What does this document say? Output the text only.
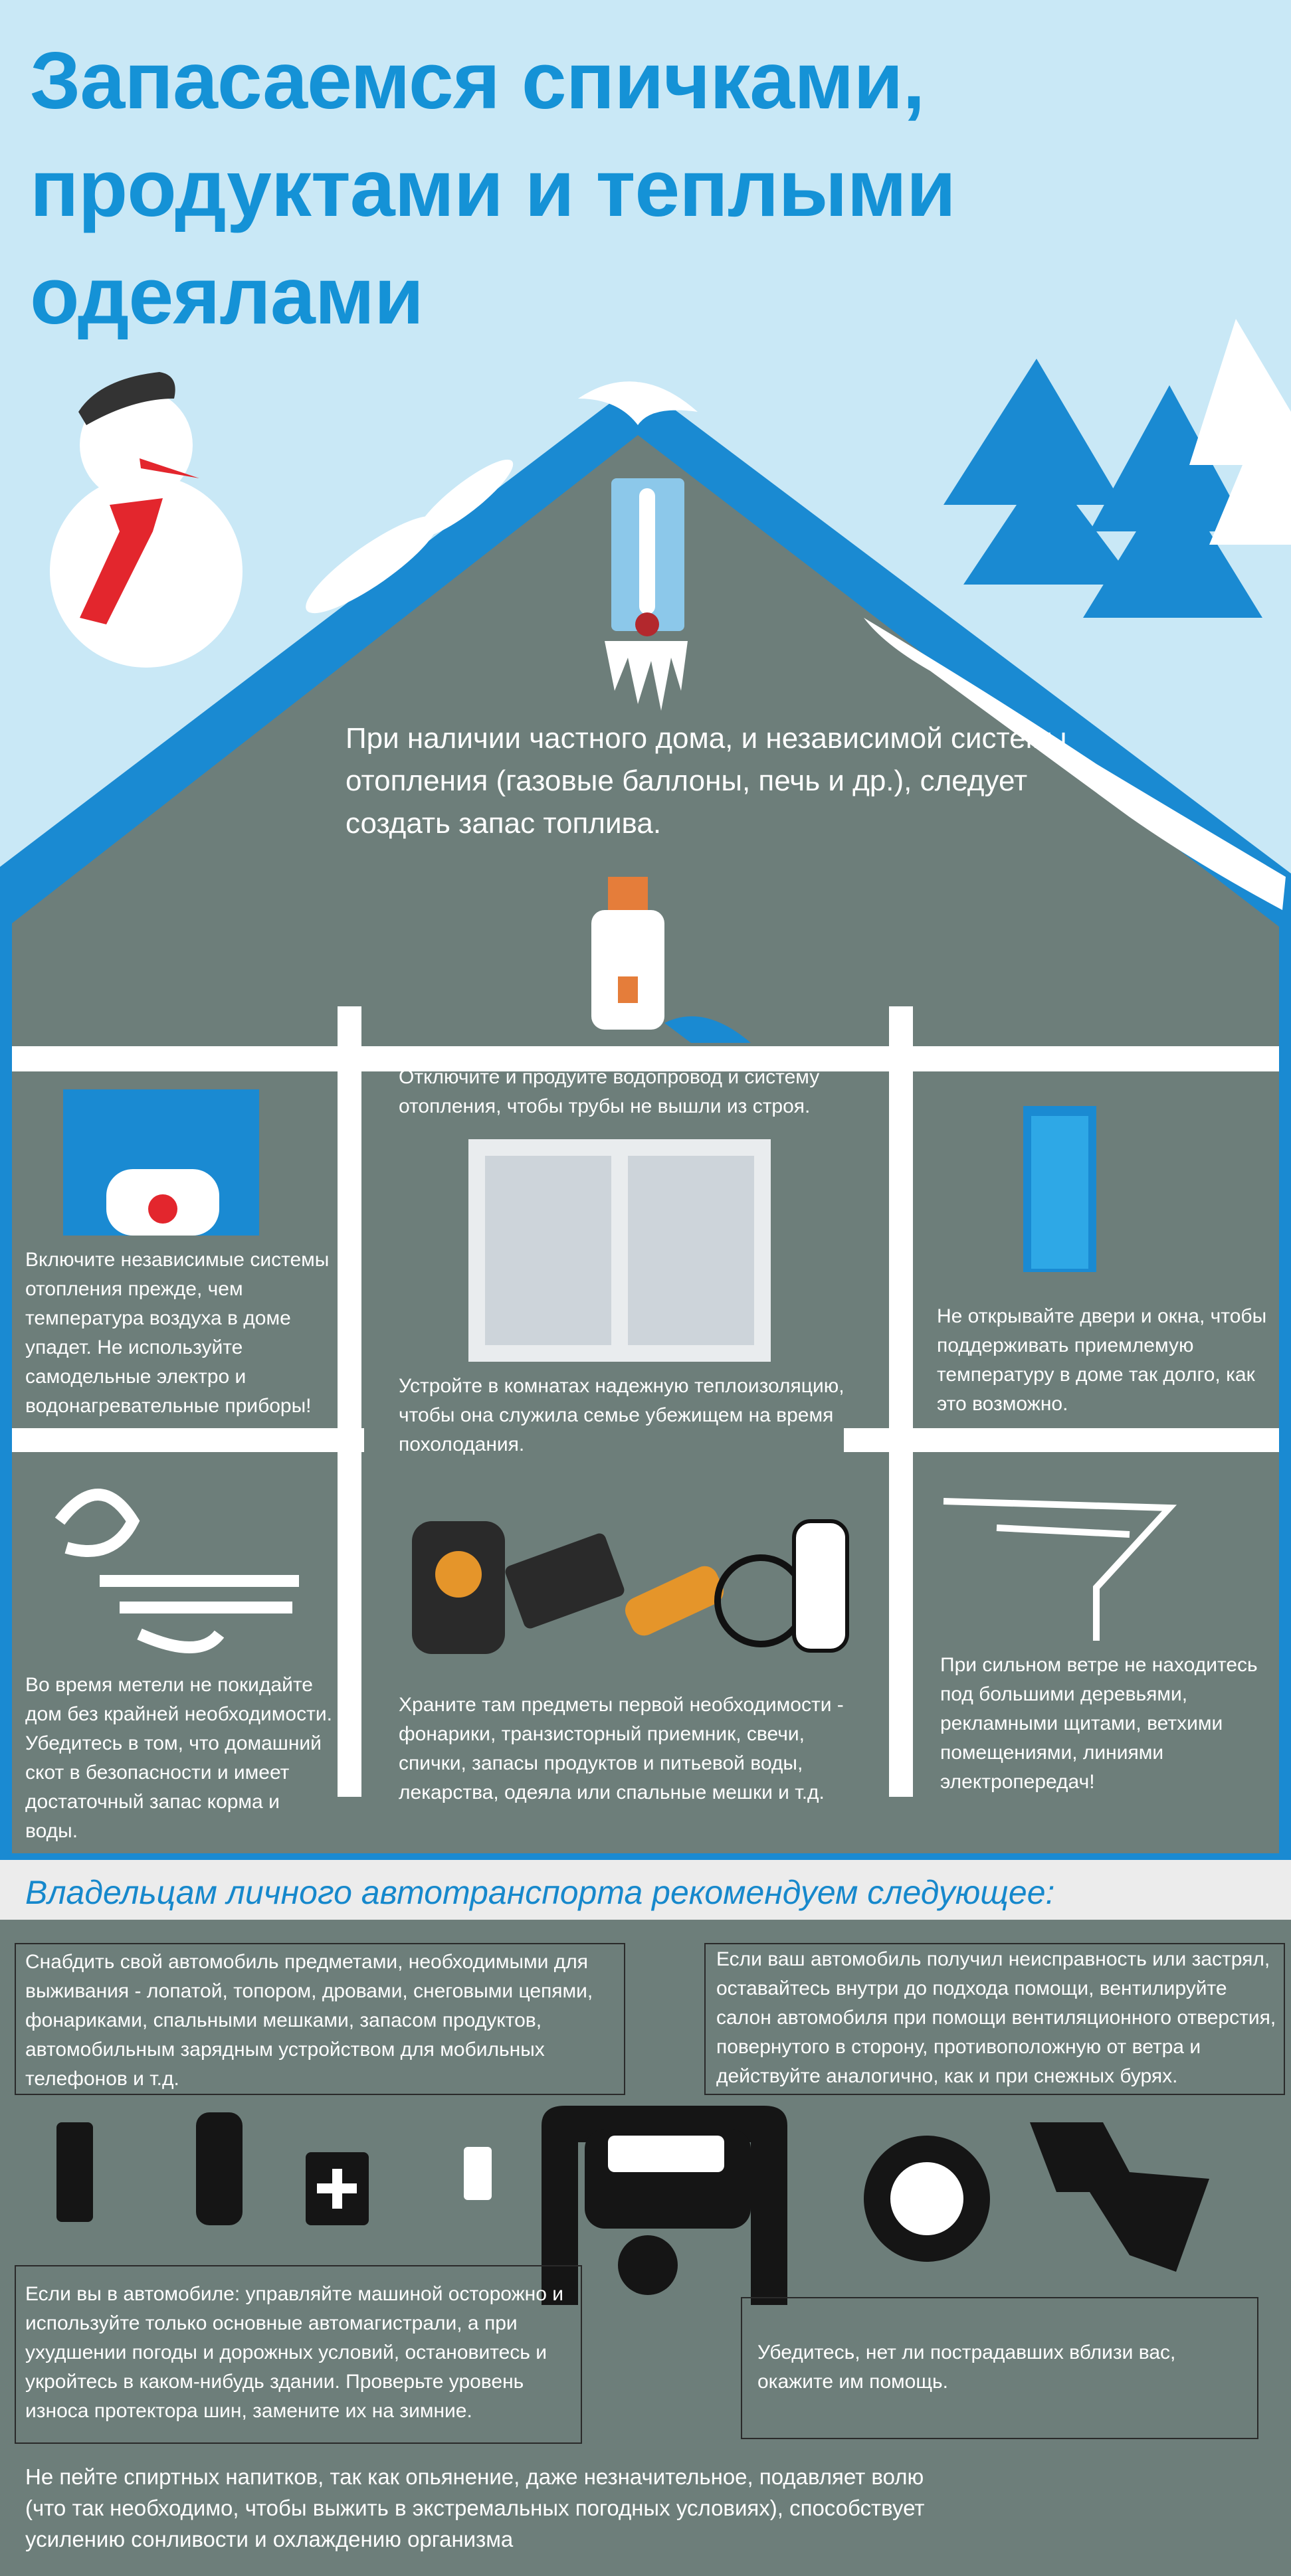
Запасаемся спичками,
продуктами и теплыми одеялами
При наличии частного дома, и независимой системы отопления (газовые баллоны, печь и др.), следует создать запас топлива.
Отключите и продуйте водопровод и систему отопления, чтобы трубы не вышли из строя.
Включите независимые системы отопления прежде, чем температура воздуха в доме упадет. Не используйте самодельные электро и водонагревательные приборы!
Устройте в комнатах надежную теплоизоляцию, чтобы она служила семье убежищем на время похолодания.
Не открывайте двери и окна, чтобы поддерживать приемлемую температуру в доме так долго, как это возможно.
Во время метели не покидайте дом без крайней необходимости. Убедитесь в том, что домашний скот в безопасности и имеет достаточный запас корма и воды.
Храните там предметы первой необходимости - фонарики, транзисторный приемник, свечи, спички, запасы продуктов и питьевой воды, лекарства, одеяла или спальные мешки и т.д.
При сильном ветре не находитесь под большими деревьями, рекламными щитами, ветхими помещениями, линиями электропередач!
Владельцам личного автотранспорта рекомендуем следующее:
Снабдить свой автомобиль предметами, необходимыми для выживания - лопатой, топором, дровами, снеговыми цепями, фонариками, спальными мешками, запасом продуктов, автомобильным зарядным устройством для мобильных телефонов и т.д.
Если ваш автомобиль получил неисправность или застрял, оставайтесь внутри до подхода помощи, вентилируйте салон автомобиля при помощи вентиляционного отверстия, повернутого в сторону, противоположную от ветра и действуйте аналогично, как и при снежных бурях.
Если вы в автомобиле: управляйте машиной осторожно и используйте только основные автомагистрали, а при ухудшении погоды и дорожных условий, остановитесь и укройтесь в каком-нибудь здании. Проверьте уровень износа протектора шин, замените их на зимние.
Убедитесь, нет ли пострадавших вблизи вас, окажите им помощь.
Не пейте спиртных напитков, так как опьянение, даже незначительное, подавляет волю (что так необходимо, чтобы выжить в экстремальных погодных условиях), способствует усилению сонливости и охлаждению организма
